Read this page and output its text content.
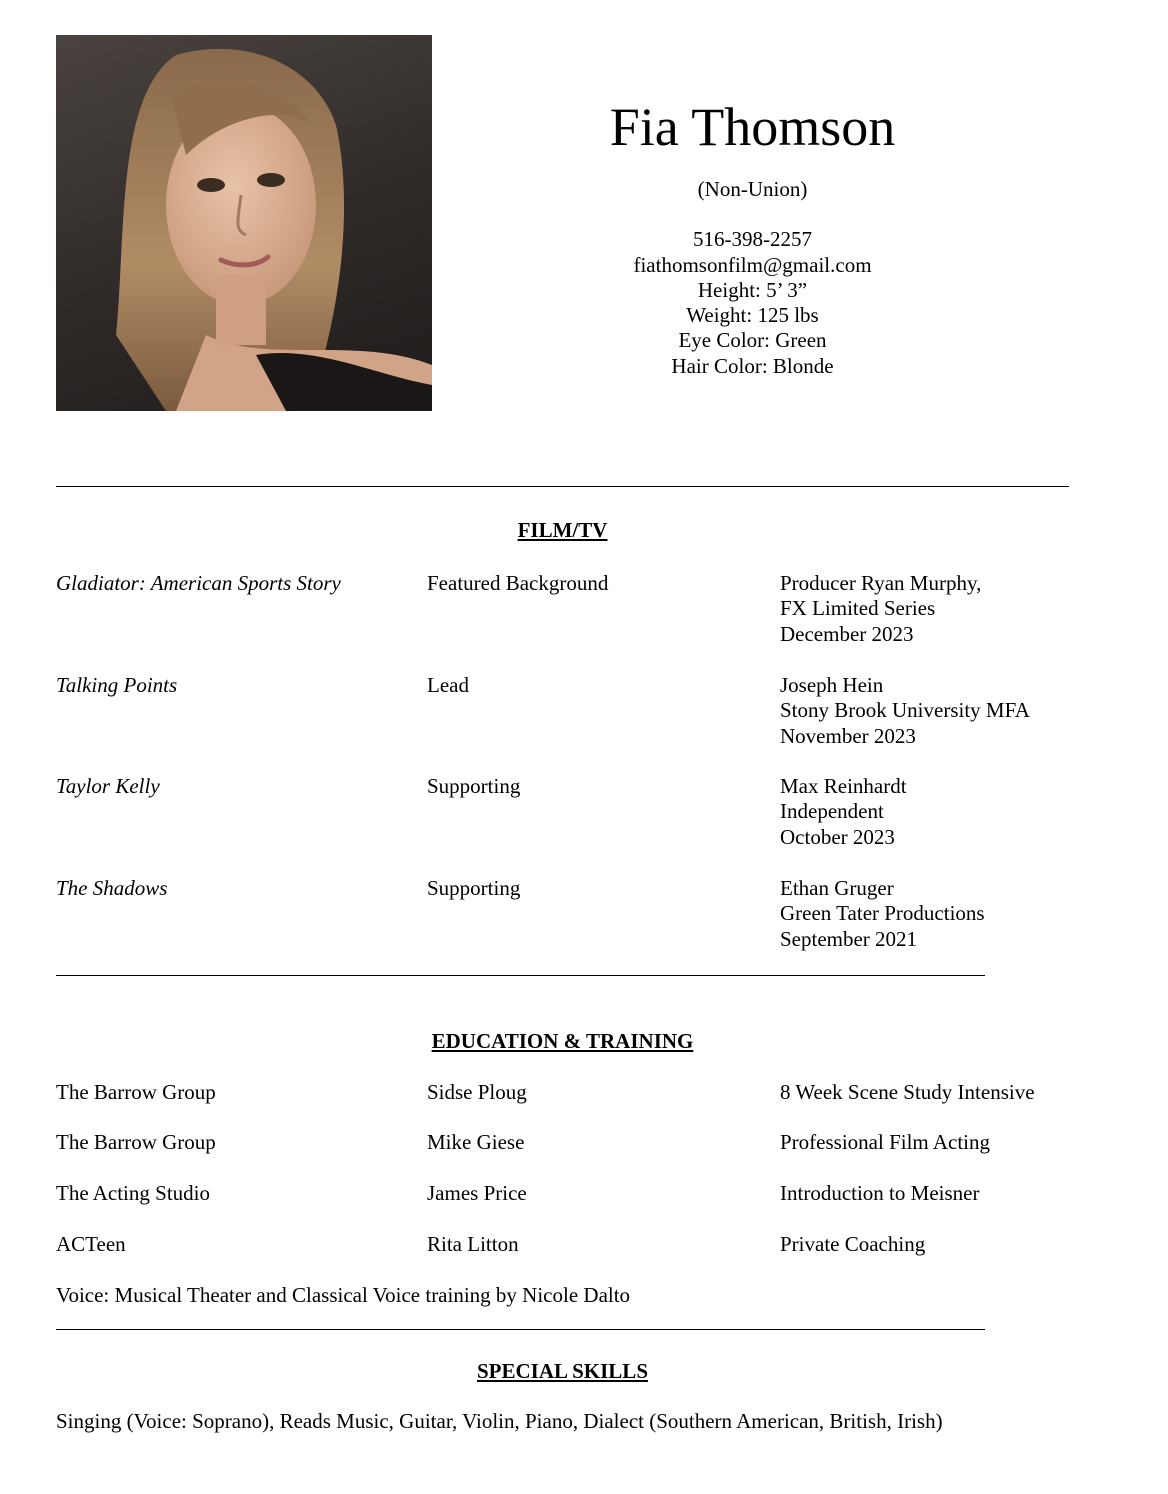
Fia Thomson
(Non-Union)
516-398-2257
fiathomsonfilm@gmail.com
Height: 5’ 3”
Weight: 125 lbs
Eye Color: Green
Hair Color: Blonde
FILM/TV
Gladiator: American Sports Story	Featured Background	Producer Ryan Murphy,
FX Limited Series
December 2023
Talking Points	Lead	Joseph Hein
Stony Brook University MFA
November 2023
Taylor Kelly	Supporting	Max Reinhardt
Independent
October 2023
The Shadows	Supporting	Ethan Gruger
Green Tater Productions
September 2021
EDUCATION & TRAINING
The Barrow Group	Sidse Ploug	8 Week Scene Study Intensive
The Barrow Group	Mike Giese	Professional Film Acting
The Acting Studio	James Price	Introduction to Meisner
ACTeen	Rita Litton	Private Coaching
Voice: Musical Theater and Classical Voice training by Nicole Dalto
SPECIAL SKILLS
Singing (Voice: Soprano), Reads Music, Guitar, Violin, Piano, Dialect (Southern American, British, Irish)
